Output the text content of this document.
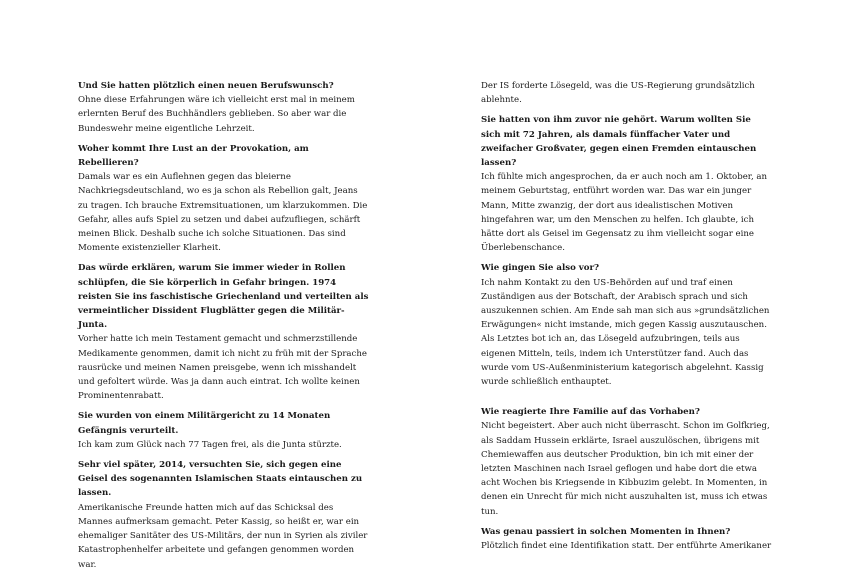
Und Sie hatten plötzlich einen neuen Berufswunsch?

Ohne diese Erfahrungen wäre ich vielleicht erst mal in meinem erlernten Beruf des Buchhändlers geblieben. So aber war die Bundeswehr meine eigentliche Lehrzeit.

Woher kommt Ihre Lust an der Provokation, am Rebellieren?

Damals war es ein Auflehnen gegen das bleierne Nachkriegsdeutschland, wo es ja schon als Rebellion galt, Jeans zu tragen. Ich brauche Extremsituationen, um klarzukommen. Die Gefahr, alles aufs Spiel zu setzen und dabei aufzufliegen, schärft meinen Blick. Deshalb suche ich solche Situationen. Das sind Momente existenzieller Klarheit.

Das würde erklären, warum Sie immer wieder in Rollen schlüpfen, die Sie körperlich in Gefahr bringen. 1974 reisten Sie ins faschistische Griechenland und verteilten als vermeintlicher Dissident Flugblätter gegen die Militär-Junta.

Vorher hatte ich mein Testament gemacht und schmerzstillende Medikamente genommen, damit ich nicht zu früh mit der Sprache rausrücke und meinen Namen preisgebe, wenn ich misshandelt und gefoltert würde. Was ja dann auch eintrat. Ich wollte keinen Prominentenrabatt.

Sie wurden von einem Militärgericht zu 14 Monaten Gefängnis verurteilt.

Ich kam zum Glück nach 77 Tagen frei, als die Junta stürzte.

Sehr viel später, 2014, versuchten Sie, sich gegen eine Geisel des sogenannten Islamischen Staats eintauschen zu lassen.

Amerikanische Freunde hatten mich auf das Schicksal des Mannes aufmerksam gemacht. Peter Kassig, so heißt er, war ein ehemaliger Sanitäter des US-Militärs, der nun in Syrien als ziviler Katastrophenhelfer arbeitete und gefangen genommen worden war.

Der IS forderte Lösegeld, was die US-Regierung grundsätzlich ablehnte.

Sie hatten von ihm zuvor nie gehört. Warum wollten Sie sich mit 72 Jahren, als damals fünffacher Vater und zweifacher Großvater, gegen einen Fremden eintauschen lassen?

Ich fühlte mich angesprochen, da er auch noch am 1. Oktober, an meinem Geburtstag, entführt worden war. Das war ein junger Mann, Mitte zwanzig, der dort aus idealistischen Motiven hingefahren war, um den Menschen zu helfen. Ich glaubte, ich hätte dort als Geisel im Gegensatz zu ihm vielleicht sogar eine Überlebenschance.

Wie gingen Sie also vor?

Ich nahm Kontakt zu den US-Behörden auf und traf einen Zuständigen aus der Botschaft, der Arabisch sprach und sich auszukennen schien. Am Ende sah man sich aus »grundsätzlichen Erwägungen« nicht imstande, mich gegen Kassig auszutauschen. Als Letztes bot ich an, das Lösegeld aufzubringen, teils aus eigenen Mitteln, teils, indem ich Unterstützer fand. Auch das wurde vom US-Außenministerium kategorisch abgelehnt. Kassig wurde schließlich enthauptet.

Wie reagierte Ihre Familie auf das Vorhaben?

Nicht begeistert. Aber auch nicht überrascht. Schon im Golfkrieg, als Saddam Hussein erklärte, Israel auszulöschen, übrigens mit Chemiewaffen aus deutscher Produktion, bin ich mit einer der letzten Maschinen nach Israel geflogen und habe dort die etwa acht Wochen bis Kriegsende in Kibbuzim gelebt. In Momenten, in denen ein Unrecht für mich nicht auszuhalten ist, muss ich etwas tun.

Was genau passiert in solchen Momenten in Ihnen?

Plötzlich findet eine Identifikation statt. Der entführte Amerikaner
